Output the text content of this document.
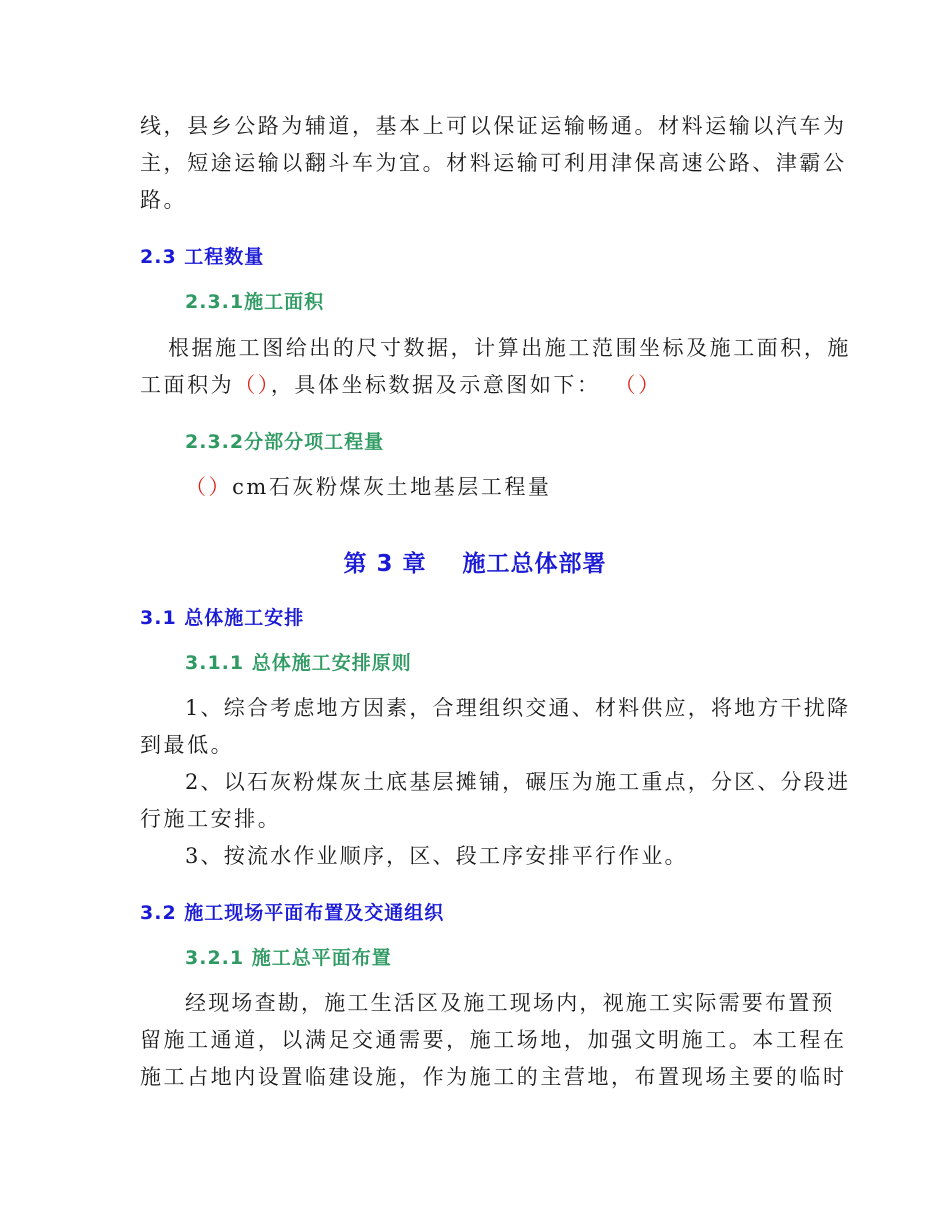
线，县乡公路为辅道，基本上可以保证运输畅通。材料运输以汽车为
主，短途运输以翻斗车为宜。材料运输可利用津保高速公路、津霸公
路。
2.3 工程数量
2.3.1施工面积
根据施工图给出的尺寸数据，计算出施工范围坐标及施工面积，施
工面积为（），具体坐标数据及示意图如下： （）
2.3.2分部分项工程量
（）cm石灰粉煤灰土地基层工程量
第 3 章    施工总体部署
3.1 总体施工安排
3.1.1 总体施工安排原则
1、综合考虑地方因素，合理组织交通、材料供应，将地方干扰降
到最低。
2、以石灰粉煤灰土底基层摊铺，碾压为施工重点，分区、分段进
行施工安排。
3、按流水作业顺序，区、段工序安排平行作业。
3.2 施工现场平面布置及交通组织
3.2.1 施工总平面布置
经现场查勘，施工生活区及施工现场内，视施工实际需要布置预
留施工通道，以满足交通需要，施工场地，加强文明施工。本工程在
施工占地内设置临建设施，作为施工的主营地，布置现场主要的临时
